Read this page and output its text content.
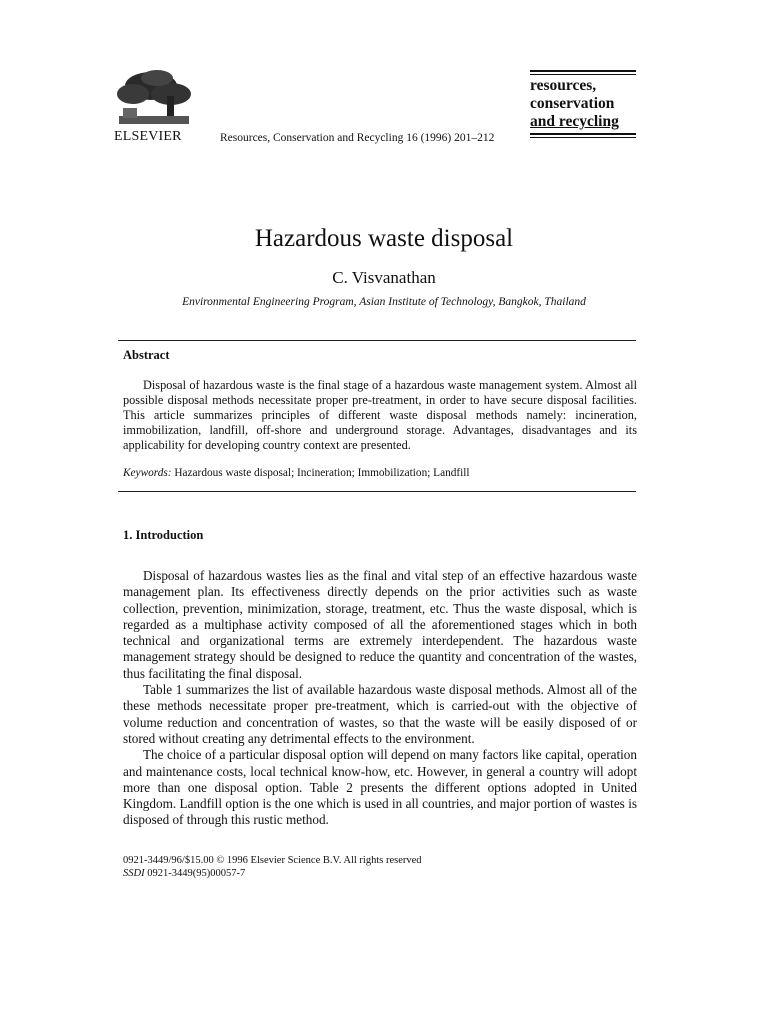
ELSEVIER	Resources, Conservation and Recycling 16 (1996) 201–212
resources,
conservation
and recycling
Hazardous waste disposal
C. Visvanathan
Environmental Engineering Program, Asian Institute of Technology, Bangkok, Thailand
Abstract

Disposal of hazardous waste is the final stage of a hazardous waste management system. Almost all possible disposal methods necessitate proper pre-treatment, in order to have secure disposal facilities. This article summarizes principles of different waste disposal methods namely: incineration, immobilization, landfill, off-shore and underground storage. Advantages, disadvantages and its applicability for developing country context are presented.

Keywords: Hazardous waste disposal; Incineration; Immobilization; Landfill
1. Introduction

Disposal of hazardous wastes lies as the final and vital step of an effective hazardous waste management plan. Its effectiveness directly depends on the prior activities such as waste collection, prevention, minimization, storage, treatment, etc. Thus the waste disposal, which is regarded as a multiphase activity composed of all the aforementioned stages which in both technical and organizational terms are extremely interdependent. The hazardous waste management strategy should be designed to reduce the quantity and concentration of the wastes, thus facilitating the final disposal.

Table 1 summarizes the list of available hazardous waste disposal methods. Almost all of the these methods necessitate proper pre-treatment, which is carried-out with the objective of volume reduction and concentration of wastes, so that the waste will be easily disposed of or stored without creating any detrimental effects to the environment.

The choice of a particular disposal option will depend on many factors like capital, operation and maintenance costs, local technical know-how, etc. However, in general a country will adopt more than one disposal option. Table 2 presents the different options adopted in United Kingdom. Landfill option is the one which is used in all countries, and major portion of wastes is disposed of through this rustic method.

0921-3449/96/$15.00 © 1996 Elsevier Science B.V. All rights reserved
SSDI 0921-3449(95)00057-7
